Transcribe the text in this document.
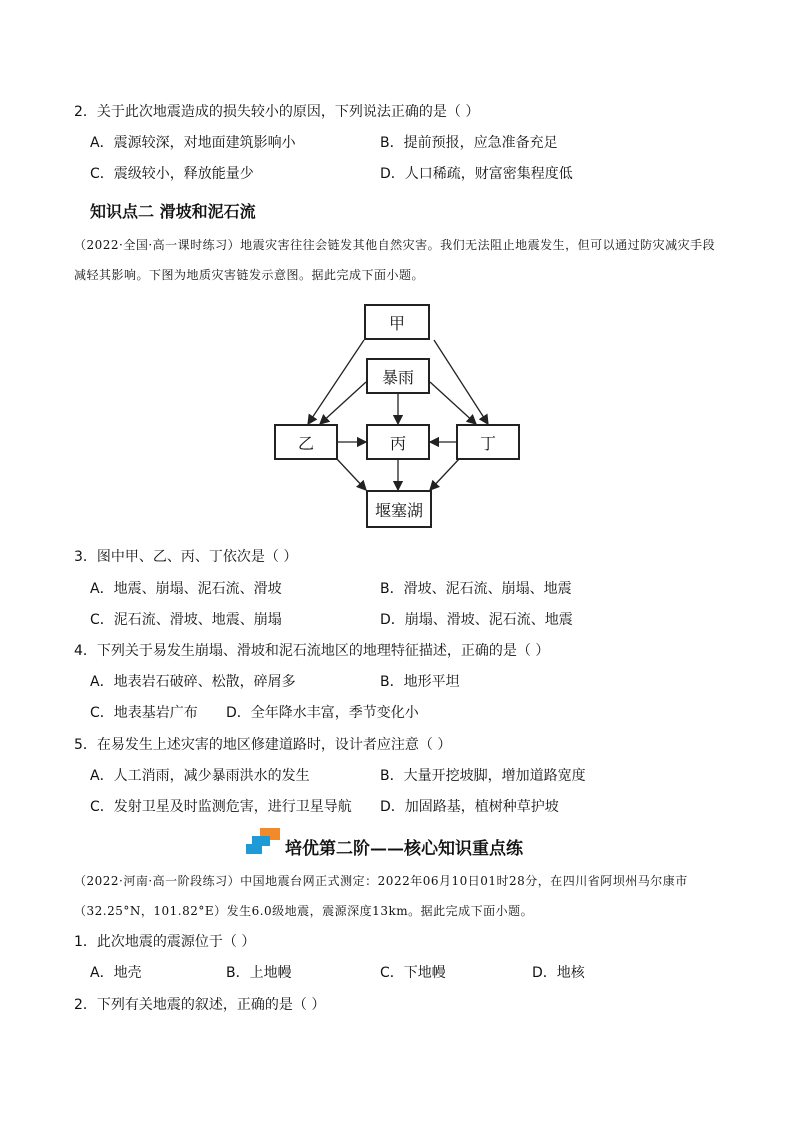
2．关于此次地震造成的损失较小的原因，下列说法正确的是（ ）
A．震源较深，对地面建筑影响小	B．提前预报，应急准备充足
C．震级较小，释放能量少	D．人口稀疏，财富密集程度低
知识点二 滑坡和泥石流
（2022·全国·高一课时练习）地震灾害往往会链发其他自然灾害。我们无法阻止地震发生，但可以通过防灾减灾手段减轻其影响。下图为地质灾害链发示意图。据此完成下面小题。
甲
暴雨
乙	丙	丁
堰塞湖
3．图中甲、乙、丙、丁依次是（ ）
A．地震、崩塌、泥石流、滑坡	B．滑坡、泥石流、崩塌、地震
C．泥石流、滑坡、地震、崩塌	D．崩塌、滑坡、泥石流、地震
4．下列关于易发生崩塌、滑坡和泥石流地区的地理特征描述，正确的是（ ）
A．地表岩石破碎、松散，碎屑多	B．地形平坦
C．地表基岩广布 D．全年降水丰富，季节变化小
5．在易发生上述灾害的地区修建道路时，设计者应注意（ ）
A．人工消雨，减少暴雨洪水的发生	B．大量开挖坡脚，增加道路宽度
C．发射卫星及时监测危害，进行卫星导航 D．加固路基，植树种草护坡
培优第二阶——核心知识重点练
（2022·河南·高一阶段练习）中国地震台网正式测定：2022年06月10日01时28分，在四川省阿坝州马尔康市（32.25°N，101.82°E）发生6.0级地震，震源深度13km。据此完成下面小题。
1．此次地震的震源位于（ ）
A．地壳	B．上地幔	C．下地幔	D．地核
2．下列有关地震的叙述，正确的是（ ）
